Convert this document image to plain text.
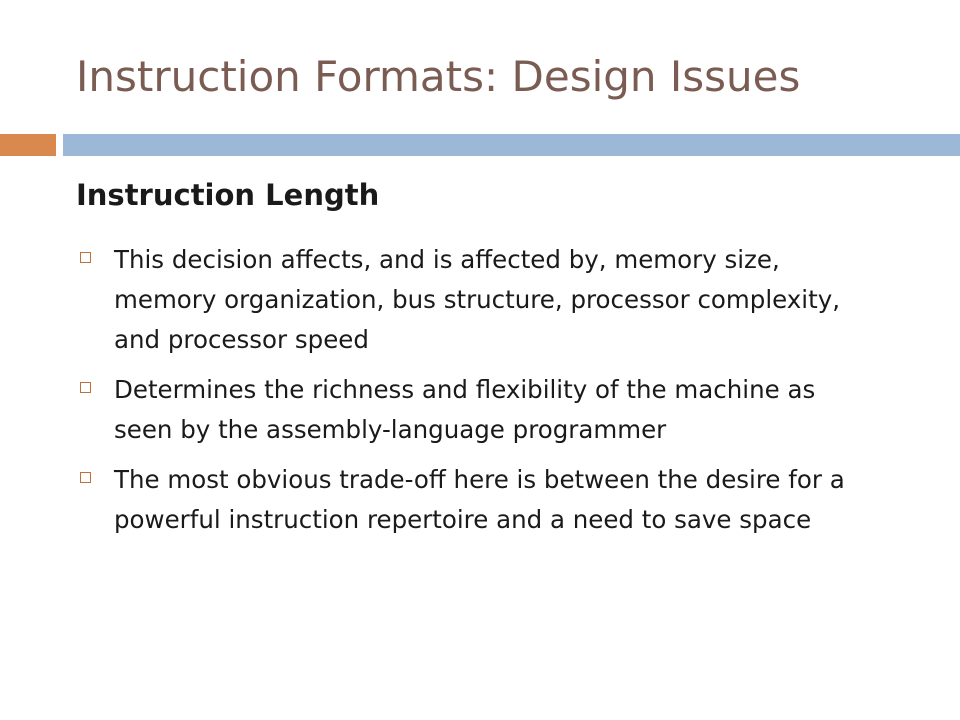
Instruction Formats: Design Issues
Instruction Length
This decision affects, and is affected by, memory size, memory organization, bus structure, processor complexity, and processor speed
Determines the richness and flexibility of the machine as seen by the assembly-language programmer
The most obvious trade-off here is between the desire for a powerful instruction repertoire and a need to save space
